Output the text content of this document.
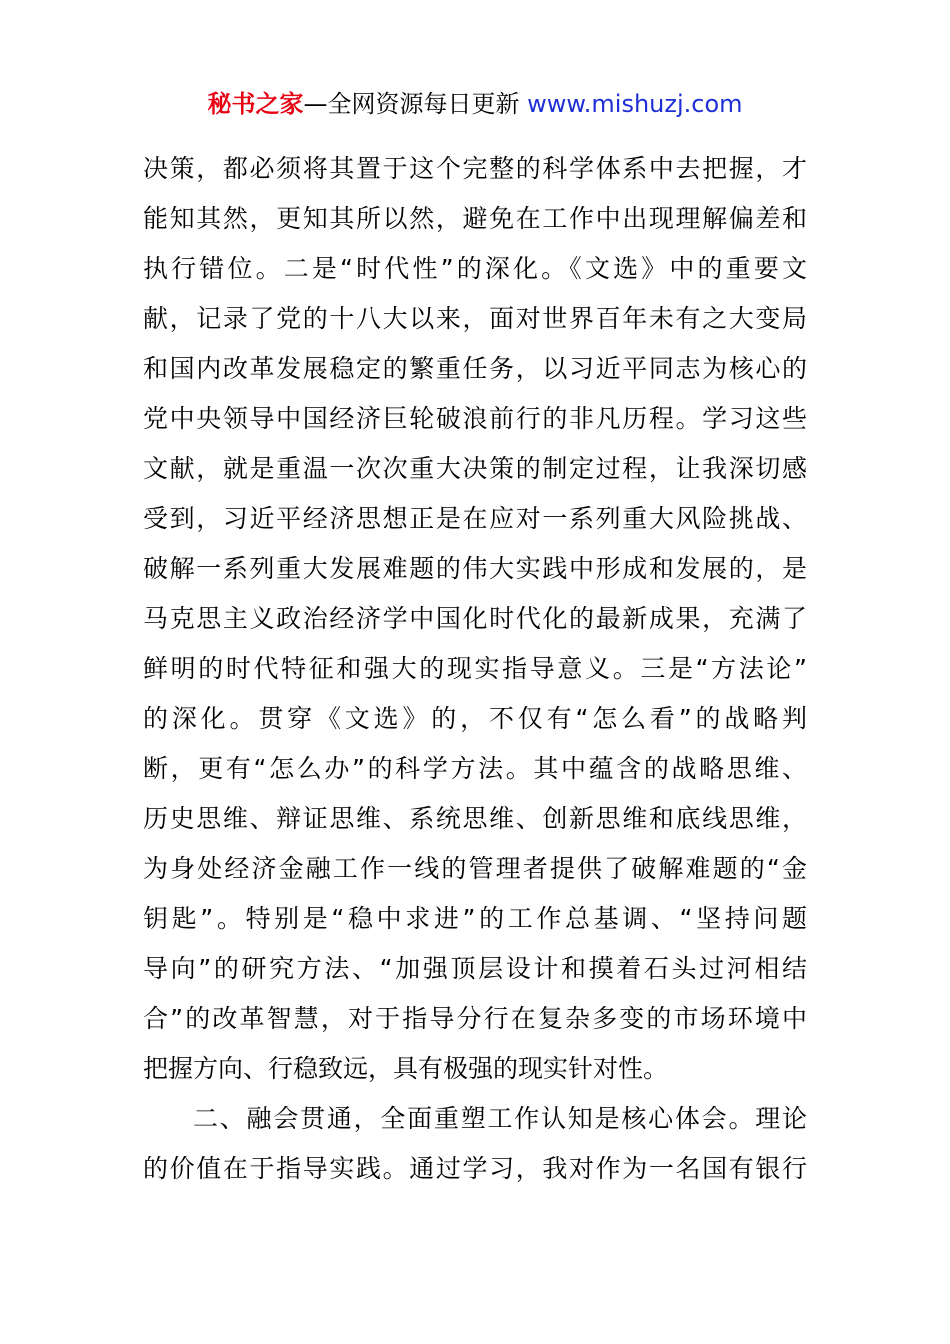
秘书之家—全网资源每日更新 www.mishuzj.com
决策，都必须将其置于这个完整的科学体系中去把握，才
能知其然，更知其所以然，避免在工作中出现理解偏差和
执行错位。二是“时代性”的深化。《文选》中的重要文
献，记录了党的十八大以来，面对世界百年未有之大变局
和国内改革发展稳定的繁重任务，以习近平同志为核心的
党中央领导中国经济巨轮破浪前行的非凡历程。学习这些
文献，就是重温一次次重大决策的制定过程，让我深切感
受到，习近平经济思想正是在应对一系列重大风险挑战、
破解一系列重大发展难题的伟大实践中形成和发展的，是
马克思主义政治经济学中国化时代化的最新成果，充满了
鲜明的时代特征和强大的现实指导意义。三是“方法论”
的深化。贯穿《文选》的，不仅有“怎么看”的战略判
断，更有“怎么办”的科学方法。其中蕴含的战略思维、
历史思维、辩证思维、系统思维、创新思维和底线思维，
为身处经济金融工作一线的管理者提供了破解难题的“金
钥匙”。特别是“稳中求进”的工作总基调、“坚持问题
导向”的研究方法、“加强顶层设计和摸着石头过河相结
合”的改革智慧，对于指导分行在复杂多变的市场环境中
把握方向、行稳致远，具有极强的现实针对性。
二、融会贯通，全面重塑工作认知是核心体会。理论
的价值在于指导实践。通过学习，我对作为一名国有银行
